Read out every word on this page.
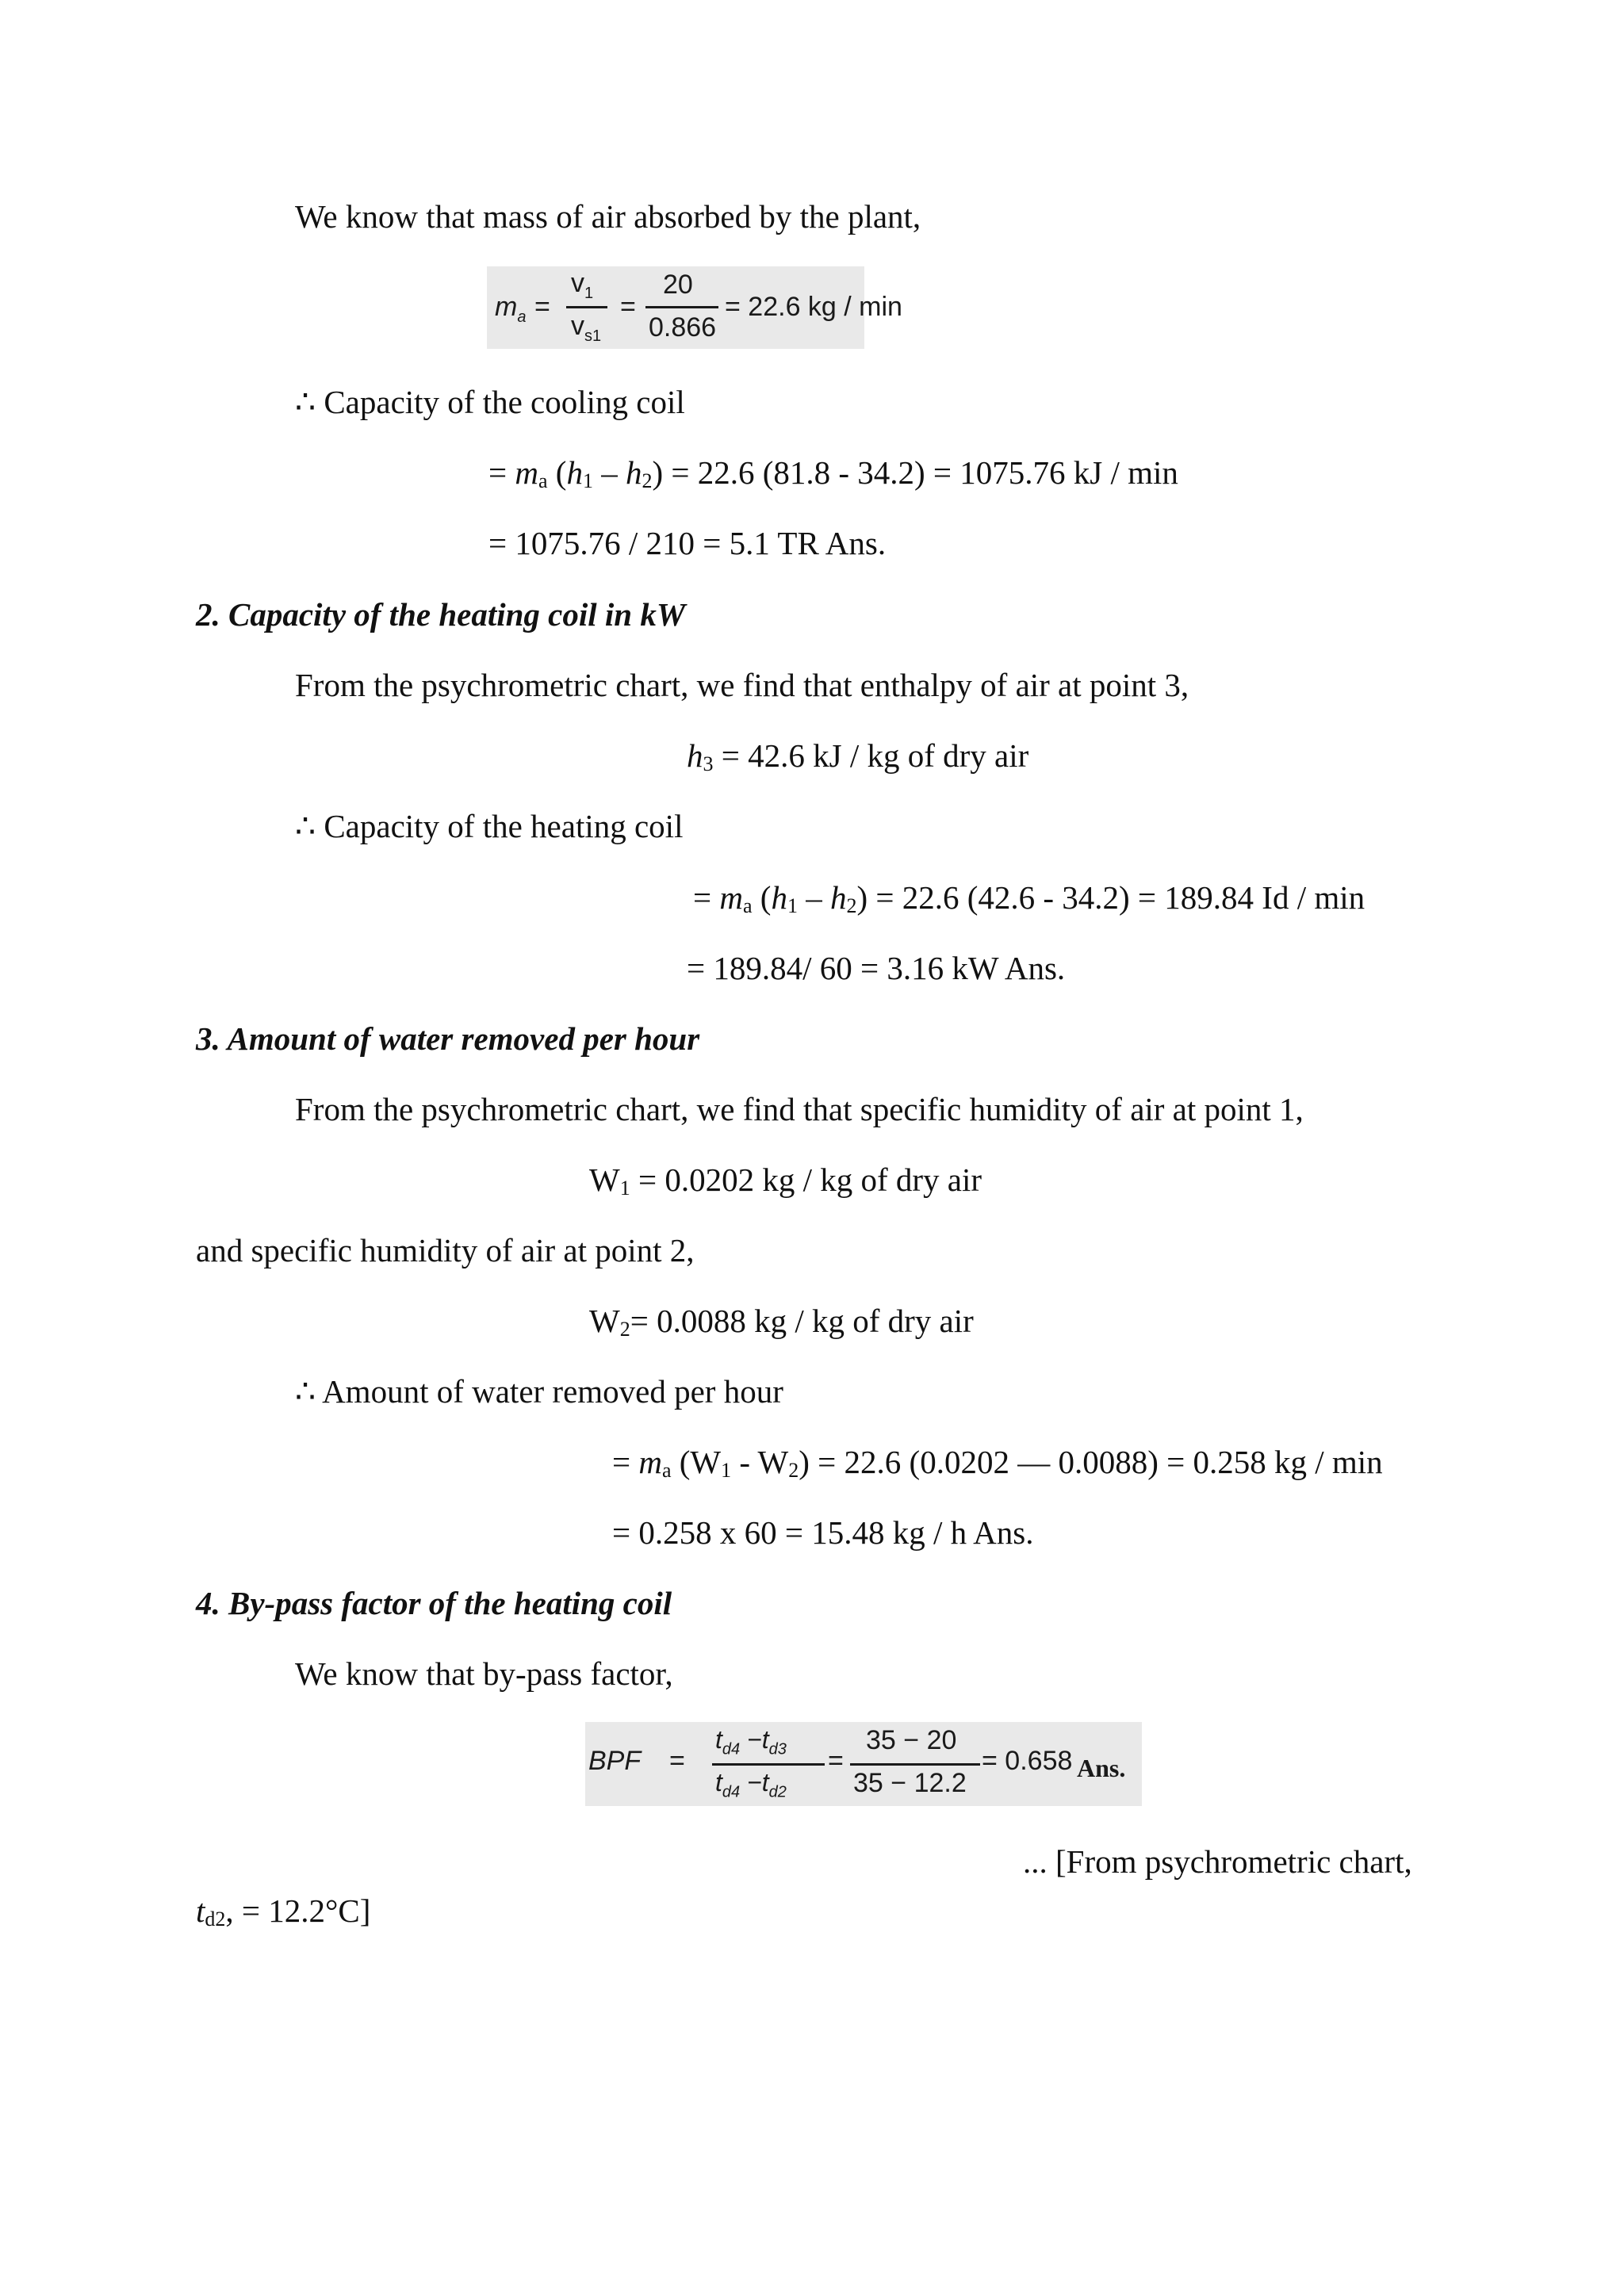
We know that mass of air absorbed by the plant,
$m_a$ =
$v_1$
$v_{s1}$
=
20
0.866
= 22.6 kg / min
∴ Capacity of the cooling coil
= ma (h1 – h2) = 22.6 (81.8 - 34.2) = 1075.76 kJ / min
= 1075.76 / 210 = 5.1 TR Ans.
2. Capacity of the heating coil in kW
From the psychrometric chart, we find that enthalpy of air at point 3,
h3 = 42.6 kJ / kg of dry air
∴ Capacity of the heating coil
= ma (h1 – h2) = 22.6 (42.6 - 34.2) = 189.84 Id / min
= 189.84/ 60 = 3.16 kW Ans.
3. Amount of water removed per hour
From the psychrometric chart, we find that specific humidity of air at point 1,
W1 = 0.0202 kg / kg of dry air
and specific humidity of air at point 2,
W2= 0.0088 kg / kg of dry air
∴ Amount of water removed per hour
= ma (W1 - W2) = 22.6 (0.0202 — 0.0088) = 0.258 kg / min
= 0.258 x 60 = 15.48 kg / h Ans.
4. By-pass factor of the heating coil
We know that by-pass factor,
BPF =
$t_{d4} -t_{d3}$
$t_{d4} -t_{d2}$
=
35 − 20
35 − 12.2
= 0.658 Ans.
... [From psychrometric chart,
td2, = 12.2°C]
